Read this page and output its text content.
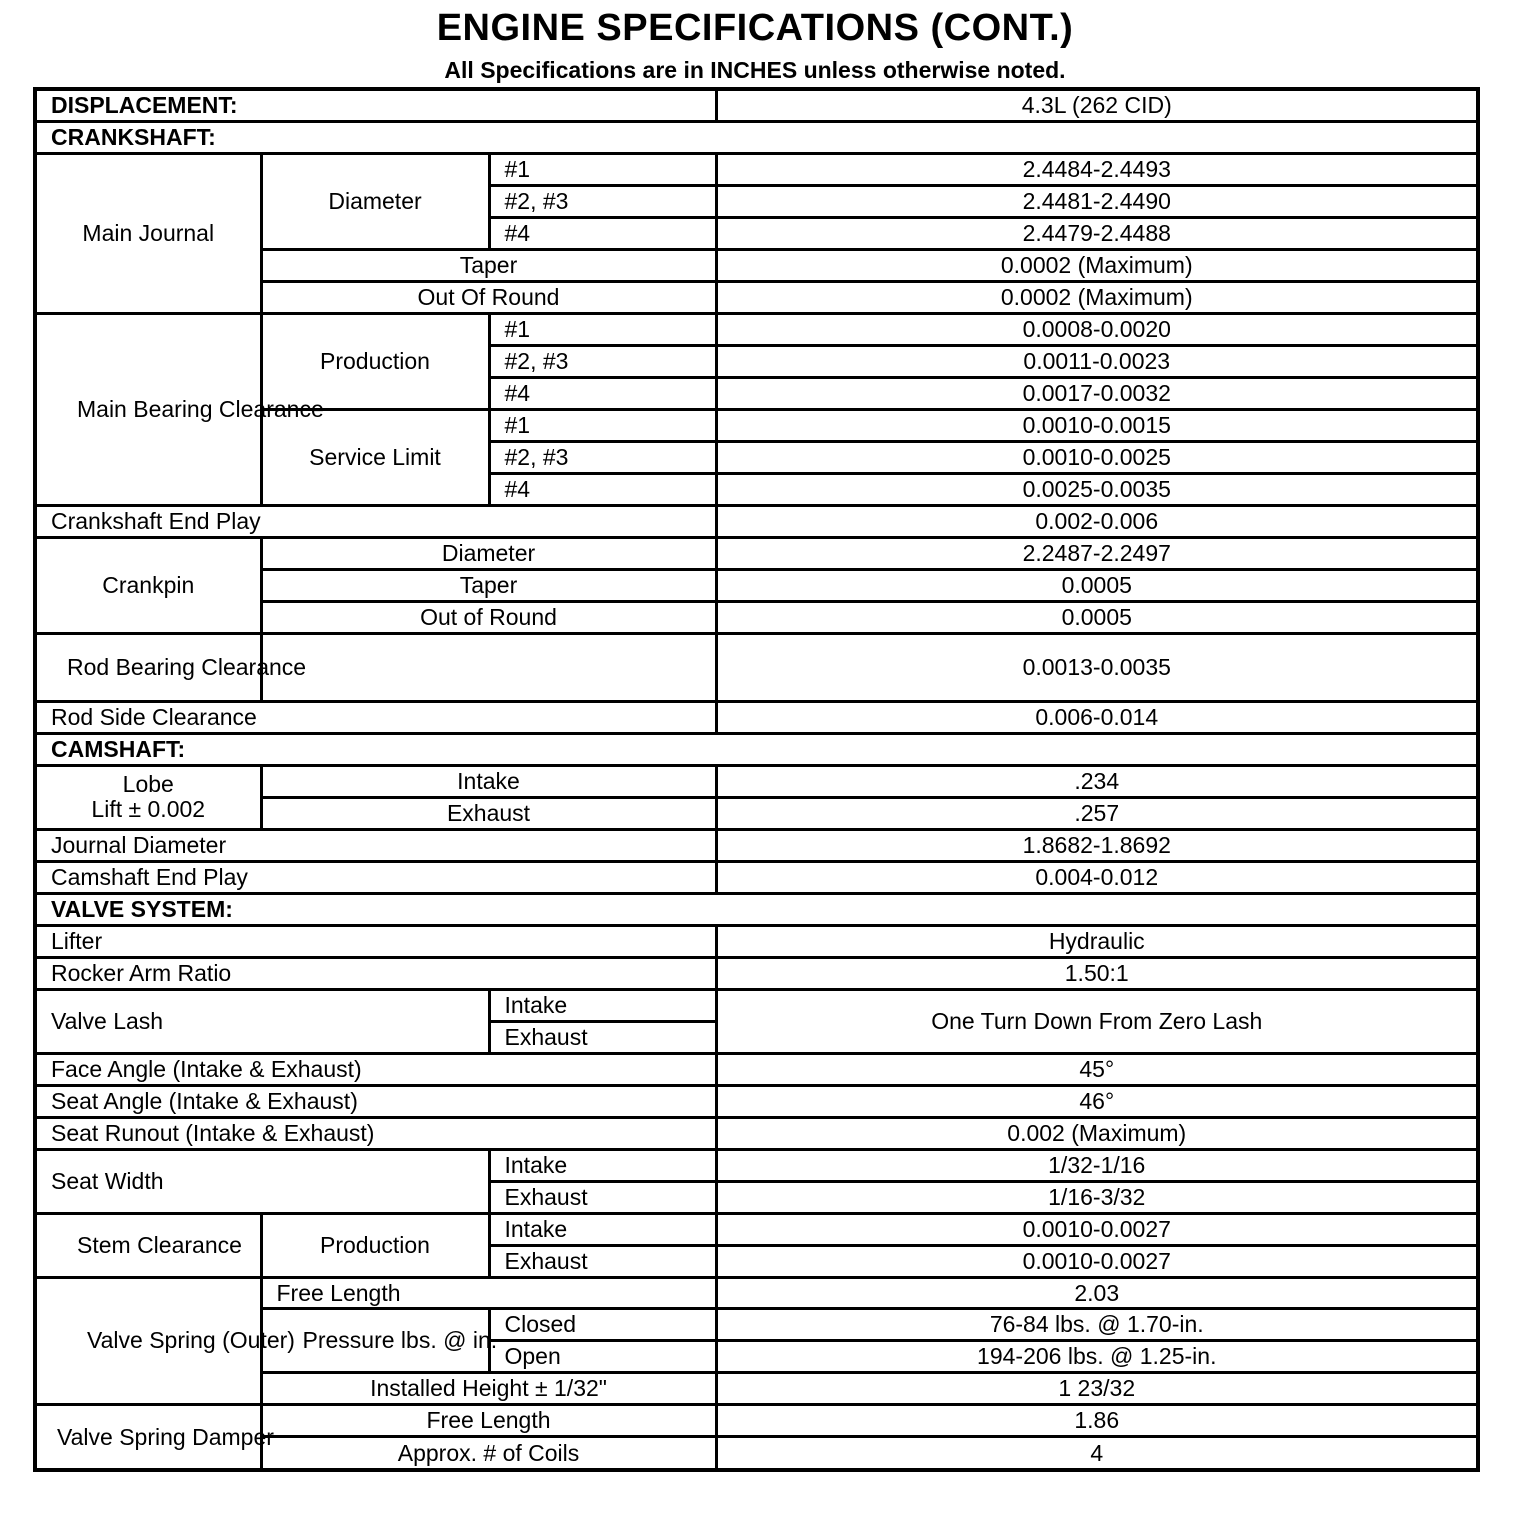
ENGINE SPECIFICATIONS (CONT.)
All Specifications are in INCHES unless otherwise noted.
DISPLACEMENT:			4.3L (262 CID)
CRANKSHAFT:			
Main Journal	Diameter	#1	2.4484-2.4493
		#2, #3	2.4481-2.4490
		#4	2.4479-2.4488
	Taper		0.0002 (Maximum)
	Out Of Round		0.0002 (Maximum)
Main Bearing Clearance	Production	#1	0.0008-0.0020
		#2, #3	0.0011-0.0023
		#4	0.0017-0.0032
	Service Limit	#1	0.0010-0.0015
		#2, #3	0.0010-0.0025
		#4	0.0025-0.0035
Crankshaft End Play			0.002-0.006
Crankpin	Diameter		2.2487-2.2497
	Taper		0.0005
	Out of Round		0.0005
Rod Bearing Clearance			0.0013-0.0035
Rod Side Clearance			0.006-0.014
CAMSHAFT:			

Lobe
Lift ± 0.002	Intake		.234
	Exhaust		.257
Journal Diameter			1.8682-1.8692
Camshaft End Play			0.004-0.012
VALVE SYSTEM:			
Lifter			Hydraulic
Rocker Arm Ratio			1.50:1
Valve Lash		Intake	One Turn Down From Zero Lash
		Exhaust	
Face Angle (Intake & Exhaust)			45°
Seat Angle (Intake & Exhaust)			46°
Seat Runout (Intake & Exhaust)			0.002 (Maximum)
Seat Width		Intake	1/32-1/16
		Exhaust	1/16-3/32
Stem Clearance	Production	Intake	0.0010-0.0027
		Exhaust	0.0010-0.0027
Valve Spring (Outer)	Free Length		2.03
	Pressure lbs. @ in.	Closed	76-84 lbs. @ 1.70-in.
		Open	194-206 lbs. @ 1.25-in.
	Installed Height ± 1/32"		1 23/32
Valve Spring Damper	Free Length		1.86
	Approx. # of Coils		4
